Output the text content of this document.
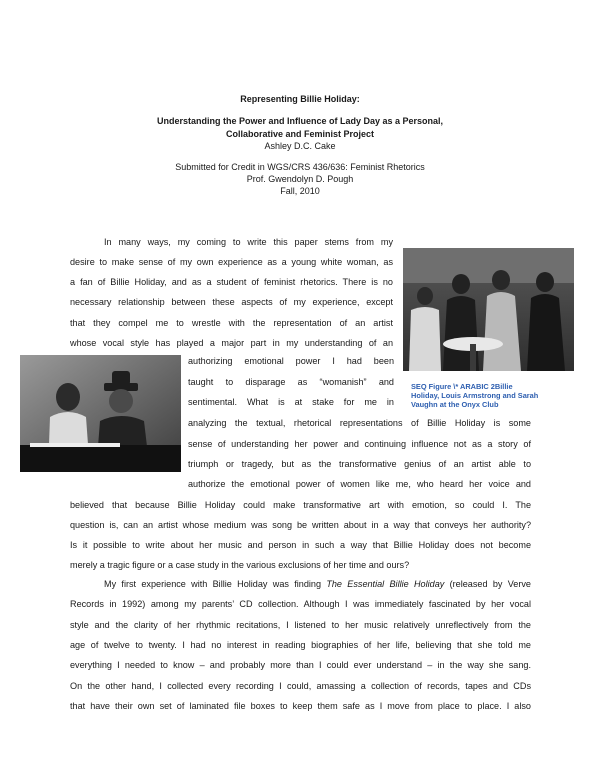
Representing Billie Holiday:
Understanding the Power and Influence of Lady Day as a Personal,
Collaborative and Feminist Project
Ashley D.C. Cake
Submitted for Credit in WGS/CRS 436/636: Feminist Rhetorics
Prof. Gwendolyn D. Pough
Fall, 2010
SEQ Figure \* ARABIC 2Billie
Holiday, Louis Armstrong and Sarah
Vaughn at the Onyx Club
In many ways, my coming to write this paper stems from my
desire to make sense of my own experience as a young white woman, as
a fan of Billie Holiday, and as a student of feminist rhetorics. There is no
necessary relationship between these aspects of my experience, except
that they compel me to wrestle with the representation of an artist
whose vocal style has played a major part in my understanding of an
authorizing emotional power I had been
taught to disparage as “womanish” and
sentimental. What is at stake for me in
analyzing the textual, rhetorical representations of Billie Holiday is some
sense of understanding her power and continuing influence not as a story of
triumph or tragedy, but as the transformative genius of an artist able to
authorize the emotional power of women like me, who heard her voice and
believed that because Billie Holiday could make transformative art with emotion, so could I. The
question is, can an artist whose medium was song be written about in a way that conveys her authority?
Is it possible to write about her music and person in such a way that Billie Holiday does not become
merely a tragic figure or a case study in the various exclusions of her time and ours?
My first experience with Billie Holiday was finding The Essential Billie Holiday (released by Verve
Records in 1992) among my parents’ CD collection. Although I was immediately fascinated by her vocal
style and the clarity of her rhythmic recitations, I listened to her music relatively unreflectively from the
age of twelve to twenty. I had no interest in reading biographies of her life, believing that she told me
everything I needed to know – and probably more than I could ever understand – in the way she sang.
On the other hand, I collected every recording I could, amassing a collection of records, tapes and CDs
that have their own set of laminated file boxes to keep them safe as I move from place to place. I also
